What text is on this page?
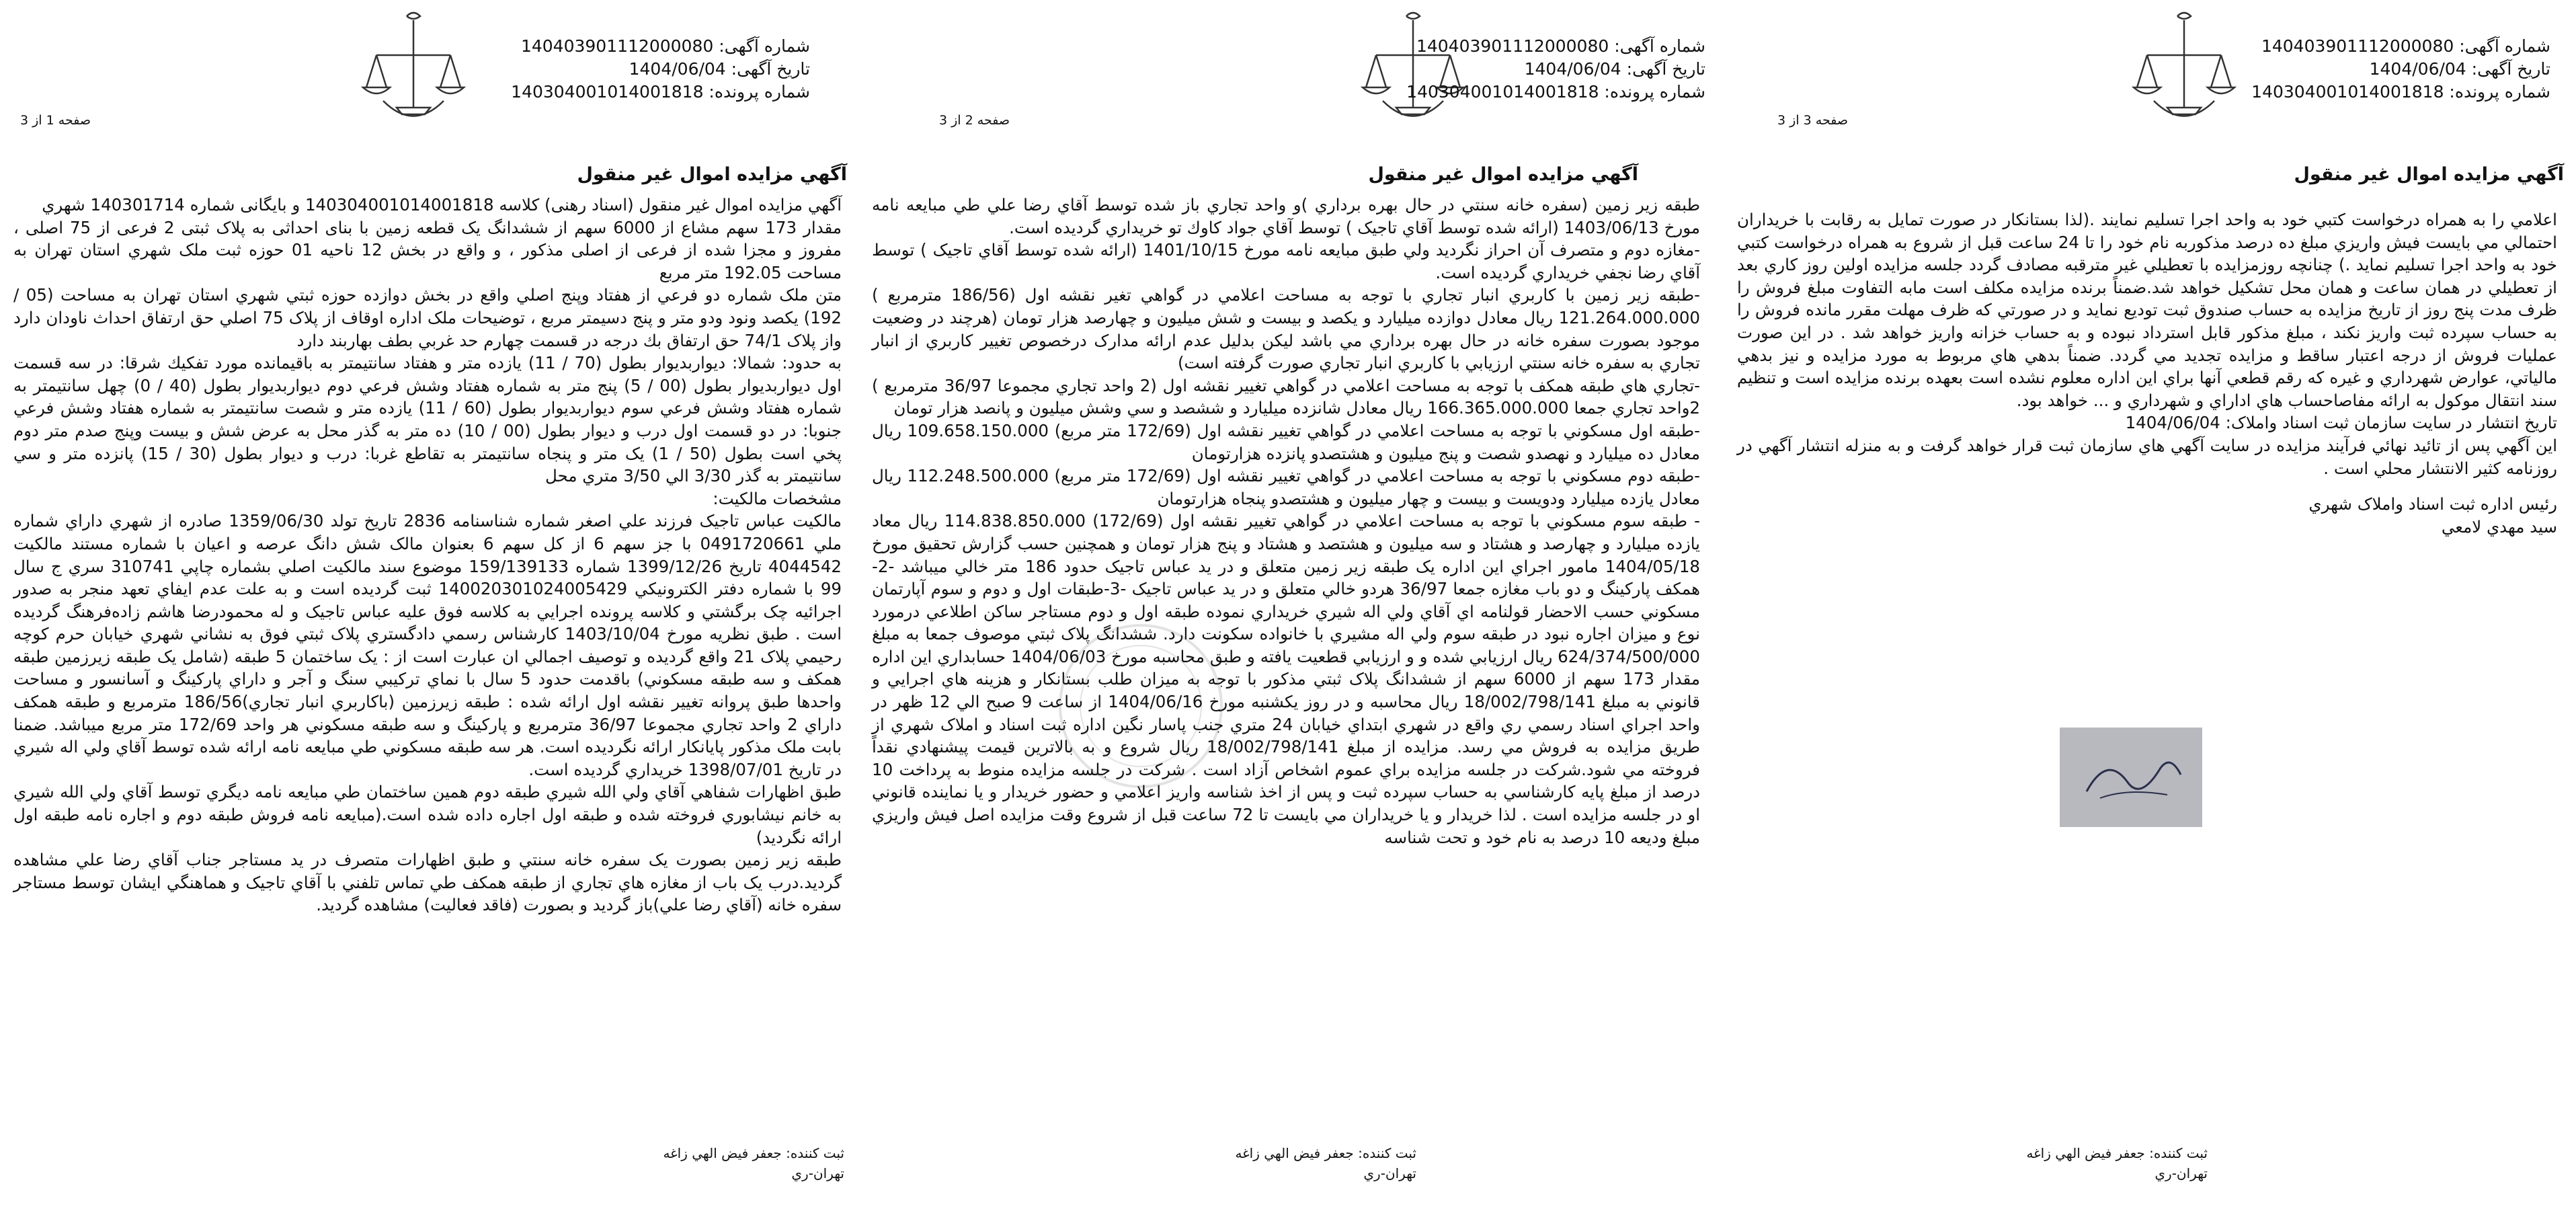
شماره آگهی: 140403901112000080
تاریخ آگهی: 1404/06/04
شماره پرونده: 140304001014001818
صفحه 1 از 3
آگهي مزايده اموال غير منقول

آگهي مزايده اموال غير منقول (اسناد رهنی) کلاسه 140304001014001818 و بایگانی شماره 140301714 شهري

مقدار 173 سهم مشاع از 6000 سهم از ششدانگ یک قطعه زمین با بنای احداثی به پلاک ثبتی 2 فرعی از 75 اصلی ، مفروز و مجزا شده از فرعی از اصلی مذکور ، و واقع در بخش 12 ناحیه 01 حوزه ثبت ملک شهري استان تهران به مساحت 192.05 متر مربع

متن ملک شماره دو فرعي از هفتاد وپنج اصلي واقع در بخش دوازده حوزه ثبتي شهري استان تهران به مساحت (05 / 192) يكصد ونود ودو متر و پنج دسيمتر مربع ، توضیحات ملک اداره اوقاف از پلاک 75 اصلي حق ارتفاق احداث ناودان دارد واز پلاک 74/1 حق ارتفاق بك درجه در قسمت چهارم حد غربي بطف بهاربند دارد

به حدود: شمالا: ديواربديوار بطول (70 / 11) يازده متر و هفتاد سانتيمتر به باقيمانده مورد تفكيك شرقا: در سه قسمت اول ديواربديوار بطول (00 / 5) پنج متر به شماره هفتاد وشش فرعي دوم ديواربديوار بطول (40 / 0) چهل سانتيمتر به شماره هفتاد وشش فرعي سوم ديواربديوار بطول (60 / 11) يازده متر و شصت سانتيمتر به شماره هفتاد وشش فرعي جنوبا: در دو قسمت اول درب و ديوار بطول (00 / 10) ده متر به گذر محل به عرض شش و بيست وپنج صدم متر دوم پخي است بطول (50 / 1) يک متر و پنجاه سانتيمتر به تقاطع غربا: درب و ديوار بطول (30 / 15) پانزده متر و سي سانتيمتر به گذر 3/30 الي 3/50 متري محل

مشخصات مالكيت:

مالكيت عباس تاجيک فرزند علي اصغر شماره شناسنامه 2836 تاريخ تولد 1359/06/30 صادره از شهري داراي شماره ملي 0491720661 با جز سهم 6 از كل سهم 6 بعنوان مالک شش دانگ عرصه و اعيان با شماره مستند مالکيت 4044542 تاريخ 1399/12/26 شماره 159/139133 موضوع سند مالکيت اصلي بشماره چاپي 310741 سري ج سال 99 با شماره دفتر الكترونيكي 140020301024005429 ثبت گرديده است و به علت عدم ايفاي تعهد منجر به صدور اجرائيه چک برگشتي و كلاسه پرونده اجرايي به كلاسه فوق عليه عباس تاجيک و له محمودرضا هاشم زاده‌فرهنگ گرديده است . طبق نظريه مورخ 1403/10/04 كارشناس رسمي دادگستري پلاک ثبتي فوق به نشاني شهري خيابان حرم كوچه رحيمي پلاک 21 واقع گرديده و توصيف اجمالي ان عبارت است از : يک ساختمان 5 طبقه (شامل يک طبقه زيرزمين طبقه همکف و سه طبقه مسكوني) باقدمت حدود 5 سال با نماي تركيبي سنگ و آجر و داراي پاركينگ و آسانسور و مساحت واحدها طبق پروانه تغيير نقشه اول ارائه شده : طبقه زيرزمين (باكاربري انبار تجاري)186/56 مترمربع و طبقه همكف داراي 2 واحد تجاري مجموعا 36/97 مترمربع و پاركينگ و سه طبقه مسكوني هر واحد 172/69 متر مربع ميباشد. ضمنا بابت ملک مذكور پايانكار ارائه نگرديده است. هر سه طبقه مسكوني طي مبايعه نامه ارائه شده توسط آقاي ولي اله شيري در تاريخ 1398/07/01 خريداري گرديده است.

طبق اظهارات شفاهي آقاي ولي الله شيري طبقه دوم همين ساختمان طي مبايعه نامه ديگري توسط آقاي ولي الله شيري به خانم نيشابوري فروخته شده و طبقه اول اجاره داده شده است.(مبايعه نامه فروش طبقه دوم و اجاره نامه طبقه اول ارائه نگرديد)

طبقه زير زمين بصورت يک سفره خانه سنتي و طبق اظهارات متصرف در يد مستاجر جناب آقاي رضا علي مشاهده گرديد.درب يک باب از مغازه هاي تجاري از طبقه همكف طي تماس تلفني با آقاي تاجيک و هماهنگي ايشان توسط مستاجر سفره خانه (آقاي رضا علي)باز گرديد و بصورت (فاقد فعاليت) مشاهده گرديد.

ثبت کننده: جعفر فيض الهي زاغه
تهران-ري
شماره آگهی: 140403901112000080
تاریخ آگهی: 1404/06/04
شماره پرونده: 140304001014001818
صفحه 2 از 3
آگهي مزايده اموال غير منقول

طبقه زير زمين (سفره خانه سنتي در حال بهره برداري )و واحد تجاري باز شده توسط آقاي رضا علي طي مبايعه نامه مورخ 1403/06/13 (ارائه شده توسط آقاي تاجيک ) توسط آقاي جواد كاوك تو خريداري گرديده است.

-مغازه دوم و متصرف آن احراز نگرديد ولي طبق مبايعه نامه مورخ 1401/10/15 (ارائه شده توسط آقاي تاجيک ) توسط آقاي رضا نجفي خريداري گرديده است.

-طبقه زير زمين با كاربري انبار تجاري با توجه به مساحت اعلامي در گواهي تغير نقشه اول (186/56 مترمربع ) 121.264.000.000 ريال معادل دوازده ميليارد و يكصد و بيست و شش ميليون و چهارصد هزار تومان (هرچند در وضعيت موجود بصورت سفره خانه در حال بهره برداري مي باشد ليكن بدليل عدم ارائه مدارک درخصوص تغيير كاربري از انبار تجاري به سفره خانه سنتي ارزيابي با كاربري انبار تجاري صورت گرفته است)

-تجاري هاي طبقه همكف با توجه به مساحت اعلامي در گواهي تغيير نقشه اول (2 واحد تجاري مجموعا 36/97 مترمربع ) 2واحد تجاري جمعا 166.365.000.000 ريال معادل شانزده ميليارد و ششصد و سي وشش ميليون و پانصد هزار تومان

-طبقه اول مسكوني با توجه به مساحت اعلامي در گواهي تغيير نقشه اول (172/69 متر مربع) 109.658.150.000 ريال معادل ده ميليارد و نهصدو شصت و پنج ميليون و هشتصدو پانزده هزارتومان

-طبقه دوم مسكوني با توجه به مساحت اعلامي در گواهي تغيير نقشه اول (172/69 متر مربع) 112.248.500.000 ريال معادل يازده ميليارد ودويست و بيست و چهار ميليون و هشتصدو پنجاه هزارتومان

- طبقه سوم مسكوني با توجه به مساحت اعلامي در گواهي تغيير نقشه اول (172/69) 114.838.850.000 ريال معاد يازده ميليارد و چهارصد و هشتاد و سه ميليون و هشتصد و هشتاد و پنج هزار تومان و همچنين حسب گزارش تحقيق مورخ 1404/05/18 مامور اجراي اين اداره يک طبقه زير زمين متعلق و در يد عباس تاجيک حدود 186 متر خالي ميباشد -2-همكف پاركينگ و دو باب مغازه جمعا 36/97 هردو خالي متعلق و در يد عباس تاجيک -3-طبقات اول و دوم و سوم آپارتمان مسكوني حسب الاحضار قولنامه اي آقاي ولي اله شيري خريداري نموده طبقه اول و دوم مستاجر ساكن اطلاعي درمورد نوع و ميزان اجاره نبود در طبقه سوم ولي اله مشيري با خانواده سكونت دارد. ششدانگ پلاک ثبتي موصوف جمعا به مبلغ 624/374/500/000 ريال ارزيابي شده و و ارزيابي قطعيت يافته و طبق محاسبه مورخ 1404/06/03 حسابداري اين اداره مقدار 173 سهم از 6000 سهم از ششدانگ پلاک ثبتي مذكور با توجه به ميزان طلب بستانكار و هزينه هاي اجرايي و قانوني به مبلغ 18/002/798/141 ريال محاسبه و در روز يكشنبه مورخ 1404/06/16 از ساعت 9 صبح الي 12 ظهر در واحد اجراي اسناد رسمي ري واقع در شهري ابتداي خيابان 24 متري جنب پاسار نگين اداره ثبت اسناد و املاک شهري از طريق مزايده به فروش مي رسد. مزايده از مبلغ 18/002/798/141 ريال شروع و به بالاترين قيمت پيشنهادي نقداً فروخته مي شود.شركت در جلسه مزايده براي عموم اشخاص آزاد است . شركت در جلسه مزايده منوط به پرداخت 10 درصد از مبلغ پايه كارشناسي به حساب سپرده ثبت و پس از اخذ شناسه واريز اعلامي و حضور خريدار و يا نماينده قانوني او در جلسه مزايده است . لذا خريدار و يا خريداران مي بايست تا 72 ساعت قبل از شروع وقت مزايده اصل فيش واريزي مبلغ وديعه 10 درصد به نام خود و تحت شناسه

ثبت کننده: جعفر فيض الهي زاغه
تهران-ري
شماره آگهی: 140403901112000080
تاریخ آگهی: 1404/06/04
شماره پرونده: 140304001014001818
صفحه 3 از 3
آگهي مزايده اموال غير منقول

اعلامي را به همراه درخواست كتبي خود به واحد اجرا تسليم نمايند .(لذا بستانكار در صورت تمايل به رقابت با خريداران احتمالي مي بايست فيش واريزي مبلغ ده درصد مذكوربه نام خود را تا 24 ساعت قبل از شروع به همراه درخواست كتبي خود به واحد اجرا تسليم نمايد .) چنانچه روزمزايده با تعطيلي غير مترقبه مصادف گردد جلسه مزايده اولين روز كاري بعد از تعطيلي در همان ساعت و همان محل تشكيل خواهد شد.ضمناً برنده مزايده مكلف است مابه التفاوت مبلغ فروش را ظرف مدت پنج روز از تاريخ مزايده به حساب صندوق ثبت توديع نمايد و در صورتي كه ظرف مهلت مقرر مانده فروش را به حساب سپرده ثبت واريز نكند ، مبلغ مذكور قابل استرداد نبوده و به حساب خزانه واريز خواهد شد . در اين صورت عمليات فروش از درجه اعتبار ساقط و مزايده تجديد مي گردد. ضمناً بدهي هاي مربوط به مورد مزايده و نيز بدهي مالياتي، عوارض شهرداري و غيره كه رقم قطعي آنها براي اين اداره معلوم نشده است بعهده برنده مزايده است و تنظيم سند انتقال موكول به ارائه مفاصاحساب هاي اداراي و شهرداري و ... خواهد بود.

تاريخ انتشار در سايت سازمان ثبت اسناد واملاک: 1404/06/04

اين آگهي پس از تائيد نهائي فرآيند مزايده در سايت آگهي هاي سازمان ثبت قرار خواهد گرفت و به منزله انتشار آگهي در روزنامه كثير الانتشار محلي است .

رئيس اداره ثبت اسناد واملاک شهري

سيد مهدي لامعي

ثبت کننده: جعفر فيض الهي زاغه
تهران-ري
